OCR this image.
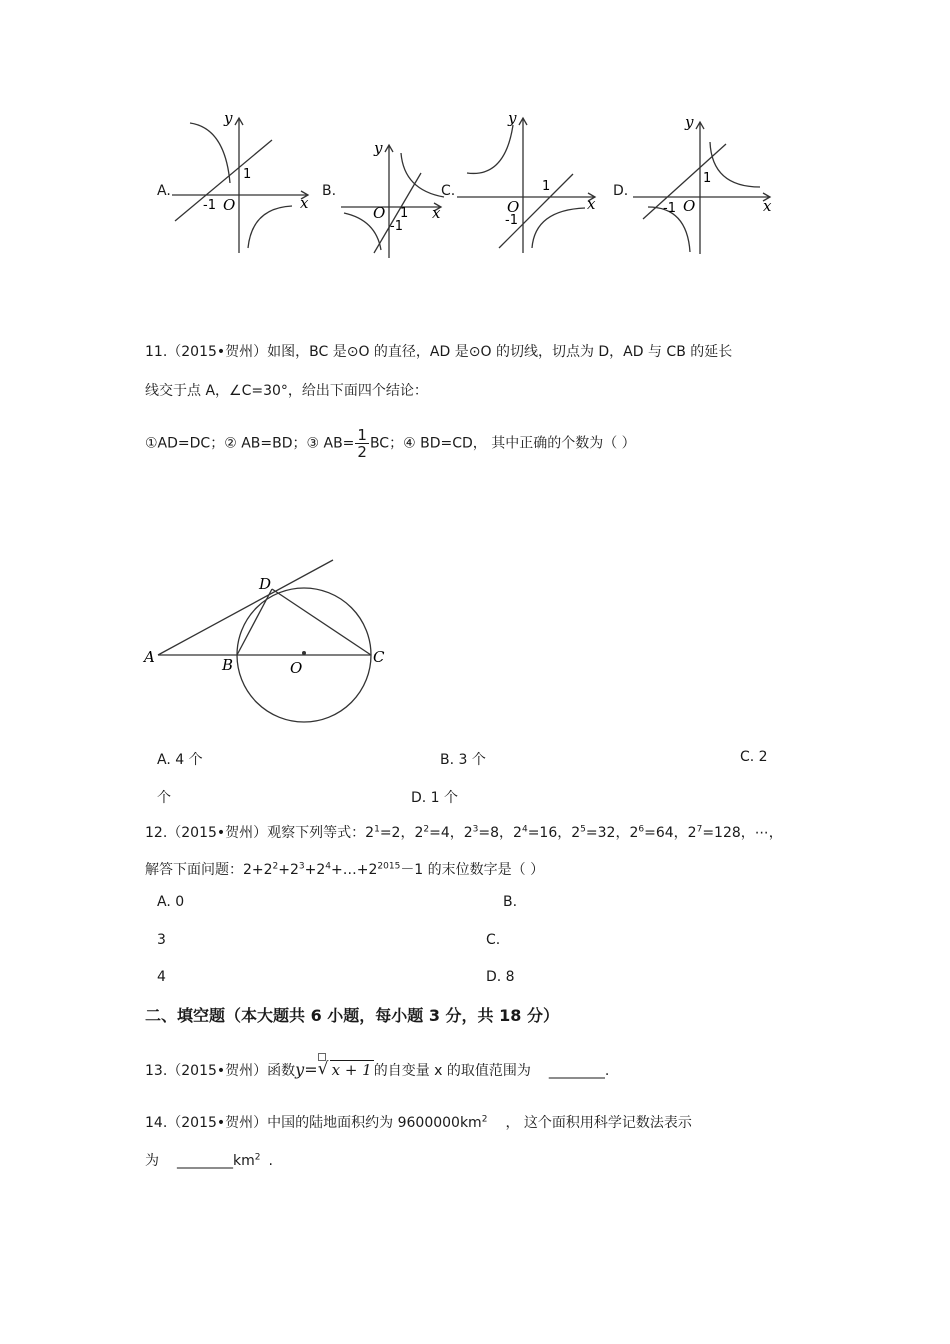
A.
y
x
O
-1
1
B.
y
x
O
-1
1
C.
y
x
O
-1
1	D.
y
x
O
-1
1
11.（2015•贺州）如图，BC 是⊙O 的直径，AD 是⊙O 的切线，切点为 D，AD 与 CB 的延长
线交于点 A，∠C=30°，给出下面四个结论：
①AD=DC；② AB=BD；③ $AB= \frac{1}{2}$ BC；④ BD=CD， 其中正确的个数为（ ）
A	B	O
C
D
A. 4 个	B. 3 个	C. 2
个	D. 1 个
12.（2015•贺州）观察下列等式：$2^1=2$，$2^2=4$，$2^3=8$，$2^4=16$，$2^5=32$，$2^6=64$，$2^7=128$，⋯，
解答下面问题：$2+2^2+2^3+2^4+\dots+2^{2015}-1$ 的末位数字是（ ）
A. 0	B.
3	C.
4	D. 8
二、填空题（本大题共 6 小题，每小题 3 分，共 18 分）
13.（2015•贺州）函数y= √ x + 1 的自变量 x 的取值范围为 ________.
14.（2015•贺州）中国的陆地面积约为 $9600000km^2$ ， 这个面积用科学记数法表示
为 $\_\_\_\_\_\_\_\_km^2$ .
